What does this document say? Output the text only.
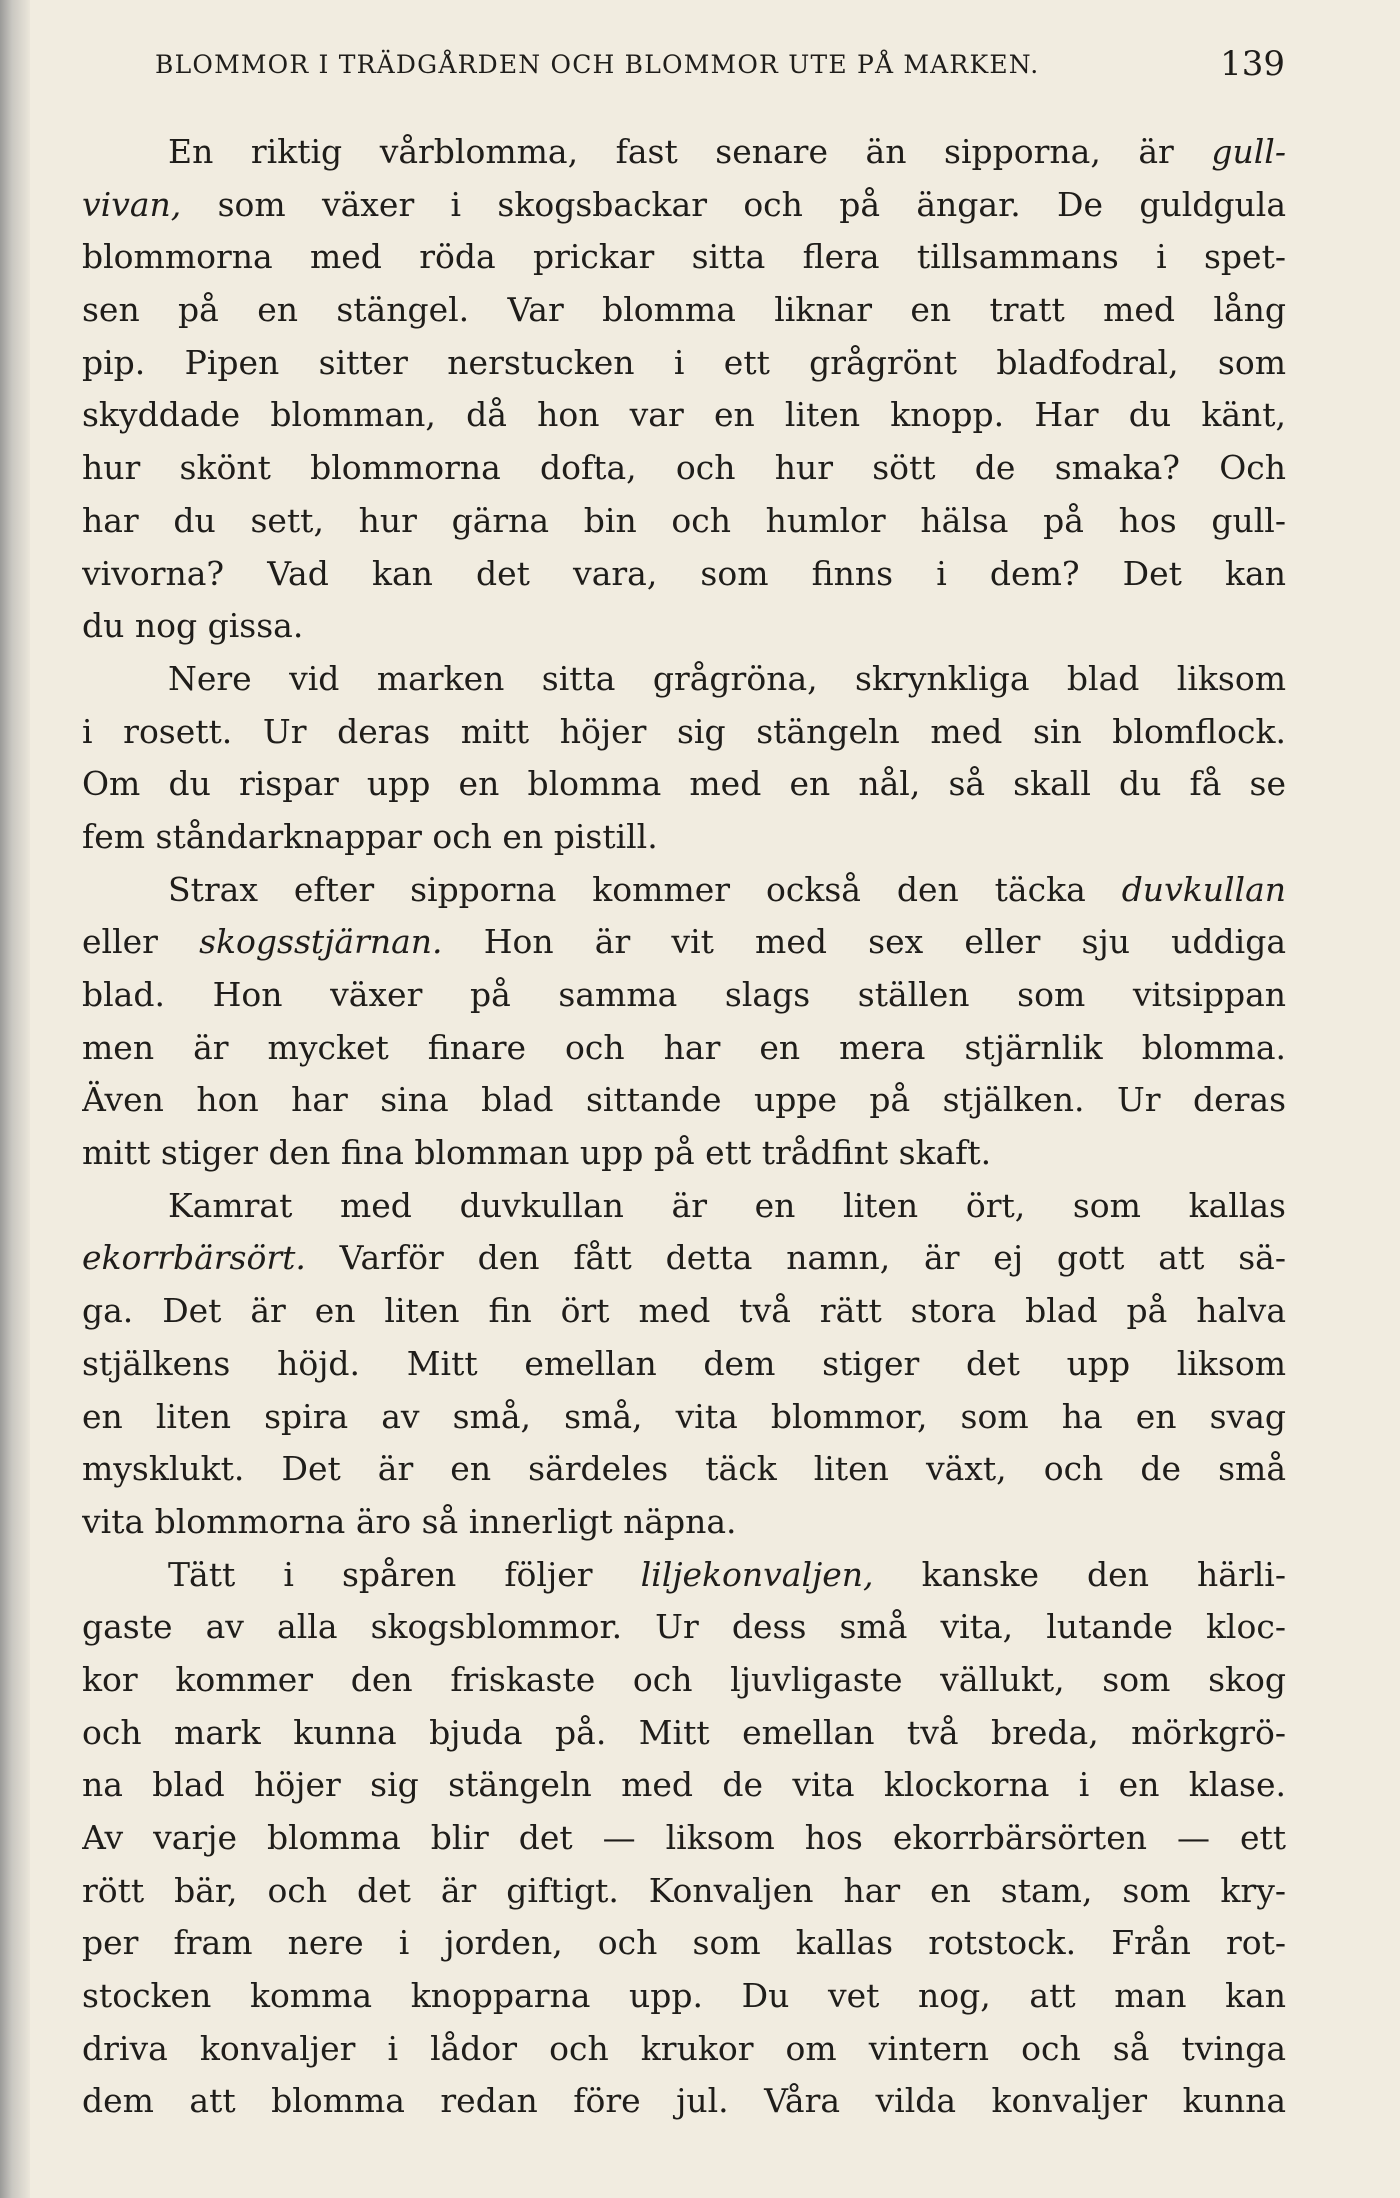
BLOMMOR I TRÄDGÅRDEN OCH BLOMMOR UTE PÅ MARKEN.	139
En riktig vårblomma, fast senare än sipporna, är gull-
vivan, som växer i skogsbackar och på ängar. De guldgula
blommorna med röda prickar sitta flera tillsammans i spet-
sen på en stängel. Var blomma liknar en tratt med lång
pip. Pipen sitter nerstucken i ett grågrönt bladfodral, som
skyddade blomman, då hon var en liten knopp. Har du känt,
hur skönt blommorna dofta, och hur sött de smaka? Och
har du sett, hur gärna bin och humlor hälsa på hos gull-
vivorna? Vad kan det vara, som finns i dem? Det kan
du nog gissa.
Nere vid marken sitta grågröna, skrynkliga blad liksom
i rosett. Ur deras mitt höjer sig stängeln med sin blomflock.
Om du rispar upp en blomma med en nål, så skall du få se
fem ståndarknappar och en pistill.
Strax efter sipporna kommer också den täcka duvkullan
eller skogsstjärnan. Hon är vit med sex eller sju uddiga
blad. Hon växer på samma slags ställen som vitsippan
men är mycket finare och har en mera stjärnlik blomma.
Även hon har sina blad sittande uppe på stjälken. Ur deras
mitt stiger den fina blomman upp på ett trådfint skaft.
Kamrat med duvkullan är en liten ört, som kallas
ekorrbärsört. Varför den fått detta namn, är ej gott att sä-
ga. Det är en liten fin ört med två rätt stora blad på halva
stjälkens höjd. Mitt emellan dem stiger det upp liksom
en liten spira av små, små, vita blommor, som ha en svag
mysklukt. Det är en särdeles täck liten växt, och de små
vita blommorna äro så innerligt näpna.
Tätt i spåren följer liljekonvaljen, kanske den härli-
gaste av alla skogsblommor. Ur dess små vita, lutande kloc-
kor kommer den friskaste och ljuvligaste vällukt, som skog
och mark kunna bjuda på. Mitt emellan två breda, mörkgrö-
na blad höjer sig stängeln med de vita klockorna i en klase.
Av varje blomma blir det — liksom hos ekorrbärsörten — ett
rött bär, och det är giftigt. Konvaljen har en stam, som kry-
per fram nere i jorden, och som kallas rotstock. Från rot-
stocken komma knopparna upp. Du vet nog, att man kan
driva konvaljer i lådor och krukor om vintern och så tvinga
dem att blomma redan före jul. Våra vilda konvaljer kunna
